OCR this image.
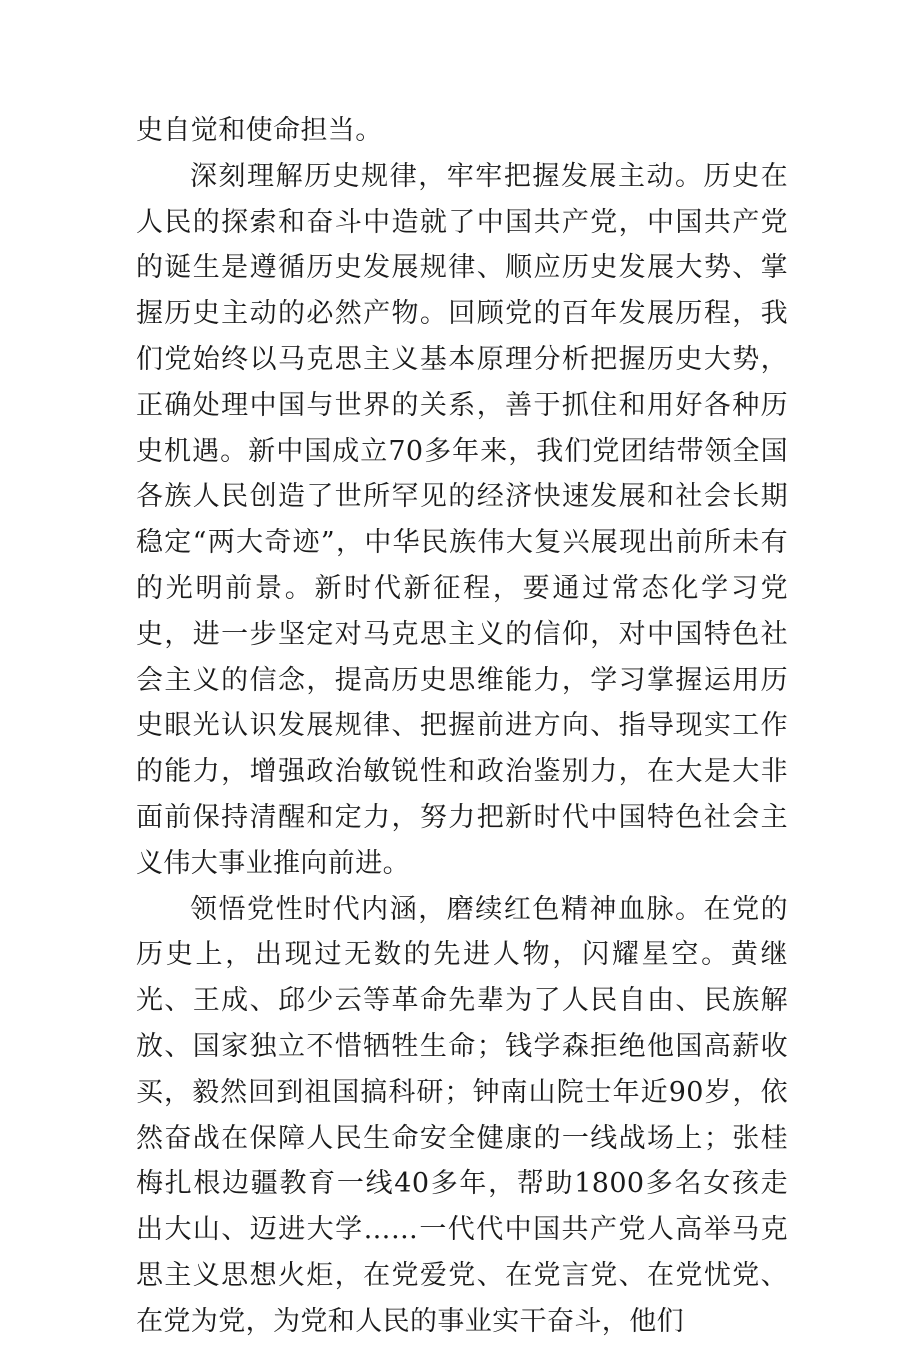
史自觉和使命担当。

深刻理解历史规律，牢牢把握发展主动。历史在人民的探索和奋斗中造就了中国共产党，中国共产党的诞生是遵循历史发展规律、顺应历史发展大势、掌握历史主动的必然产物。回顾党的百年发展历程，我们党始终以马克思主义基本原理分析把握历史大势，正确处理中国与世界的关系，善于抓住和用好各种历史机遇。新中国成立70多年来，我们党团结带领全国各族人民创造了世所罕见的经济快速发展和社会长期稳定“两大奇迹”，中华民族伟大复兴展现出前所未有的光明前景。新时代新征程，要通过常态化学习党史，进一步坚定对马克思主义的信仰，对中国特色社会主义的信念，提高历史思维能力，学习掌握运用历史眼光认识发展规律、把握前进方向、指导现实工作的能力，增强政治敏锐性和政治鉴别力，在大是大非面前保持清醒和定力，努力把新时代中国特色社会主义伟大事业推向前进。

领悟党性时代内涵，磨续红色精神血脉。在党的历史上，出现过无数的先进人物，闪耀星空。黄继光、王成、邱少云等革命先辈为了人民自由、民族解放、国家独立不惜牺牲生命；钱学森拒绝他国高薪收买，毅然回到祖国搞科研；钟南山院士年近90岁，依然奋战在保障人民生命安全健康的一线战场上；张桂梅扎根边疆教育一线40多年，帮助1800多名女孩走出大山、迈进大学……一代代中国共产党人高举马克思主义思想火炬，在党爱党、在党言党、在党忧党、在党为党，为党和人民的事业实干奋斗，他们
